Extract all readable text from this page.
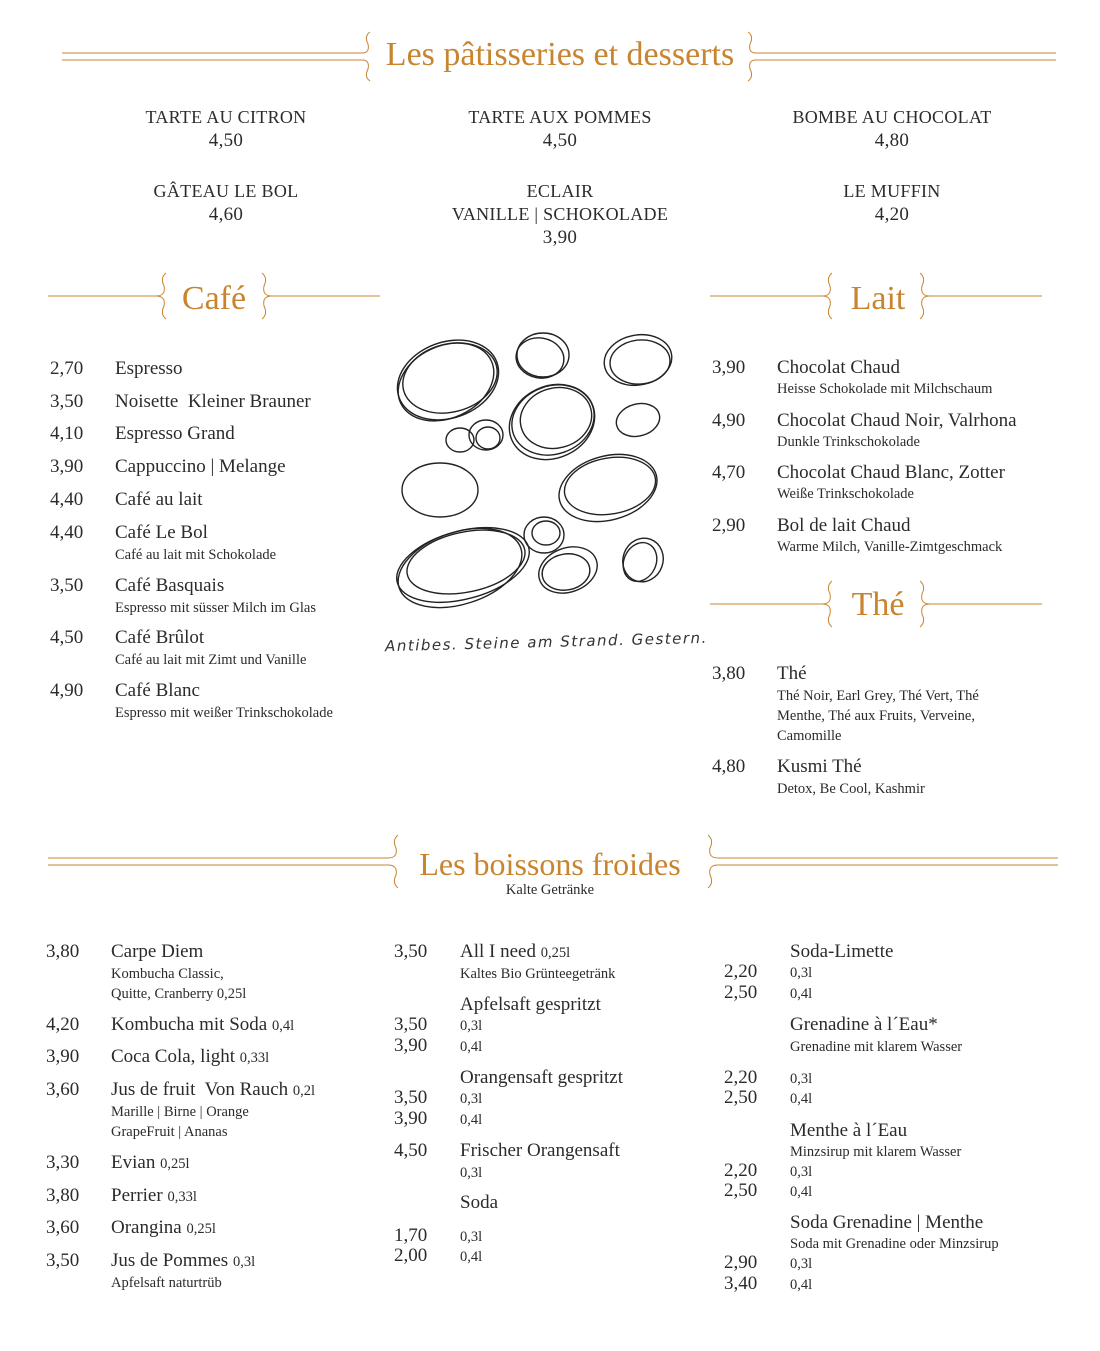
Les pâtisseries et desserts
TARTE AU CITRON
4,50
TARTE AUX POMMES
4,50
BOMBE AU CHOCOLAT
4,80
GÂTEAU LE BOL
4,60
ECLAIR
VANILLE | SCHOKOLADE
3,90
LE MUFFIN
4,20
Café
2,70 Espresso
3,50 Noisette  Kleiner Brauner
4,10 Espresso Grand
3,90 Cappuccino | Melange
4,40 Café au lait
4,40 Café Le Bol
Café au lait mit Schokolade
3,50 Café Basquais
Espresso mit süsser Milch im Glas
4,50 Café Brûlot
Café au lait mit Zimt und Vanille
4,90 Café Blanc
Espresso mit weißer Trinkschokolade
Antibes. Steine am Strand. Gestern.
Lait
3,90 Chocolat Chaud
Heisse Schokolade mit Milchschaum
4,90 Chocolat Chaud Noir, Valrhona
Dunkle Trinkschokolade
4,70 Chocolat Chaud Blanc, Zotter
Weiße Trinkschokolade
2,90 Bol de lait Chaud
Warme Milch, Vanille-Zimtgeschmack
Thé
3,80 Thé
Thé Noir, Earl Grey, Thé Vert, Thé
Menthe, Thé aux Fruits, Verveine,
Camomille
4,80 Kusmi Thé
Detox, Be Cool, Kashmir
Les boissons froides
Kalte Getränke
3,80 Carpe Diem
Kombucha Classic,
Quitte, Cranberry 0,25l
4,20 Kombucha mit Soda 0,4l
3,90 Coca Cola, light 0,33l
3,60 Jus de fruit  Von Rauch 0,2l
Marille | Birne | Orange
GrapeFruit | Ananas
3,30 Evian 0,25l
3,80 Perrier 0,33l
3,60 Orangina 0,25l
3,50 Jus de Pommes 0,3l
Apfelsaft naturtrüb
3,50 All I need 0,25l
Kaltes Bio Grünteegetränk
Apfelsaft gespritzt
3,50 0,3l
3,90 0,4l
Orangensaft gespritzt
3,50 0,3l
3,90 0,4l
4,50 Frischer Orangensaft
0,3l
Soda
1,70 0,3l
2,00 0,4l
Soda-Limette
2,20 0,3l
2,50 0,4l
Grenadine à l´Eau*
Grenadine mit klarem Wasser
2,20 0,3l
2,50 0,4l
Menthe à l´Eau
Minzsirup mit klarem Wasser
2,20 0,3l
2,50 0,4l
Soda Grenadine | Menthe
Soda mit Grenadine oder Minzsirup
2,90 0,3l
3,40 0,4l
